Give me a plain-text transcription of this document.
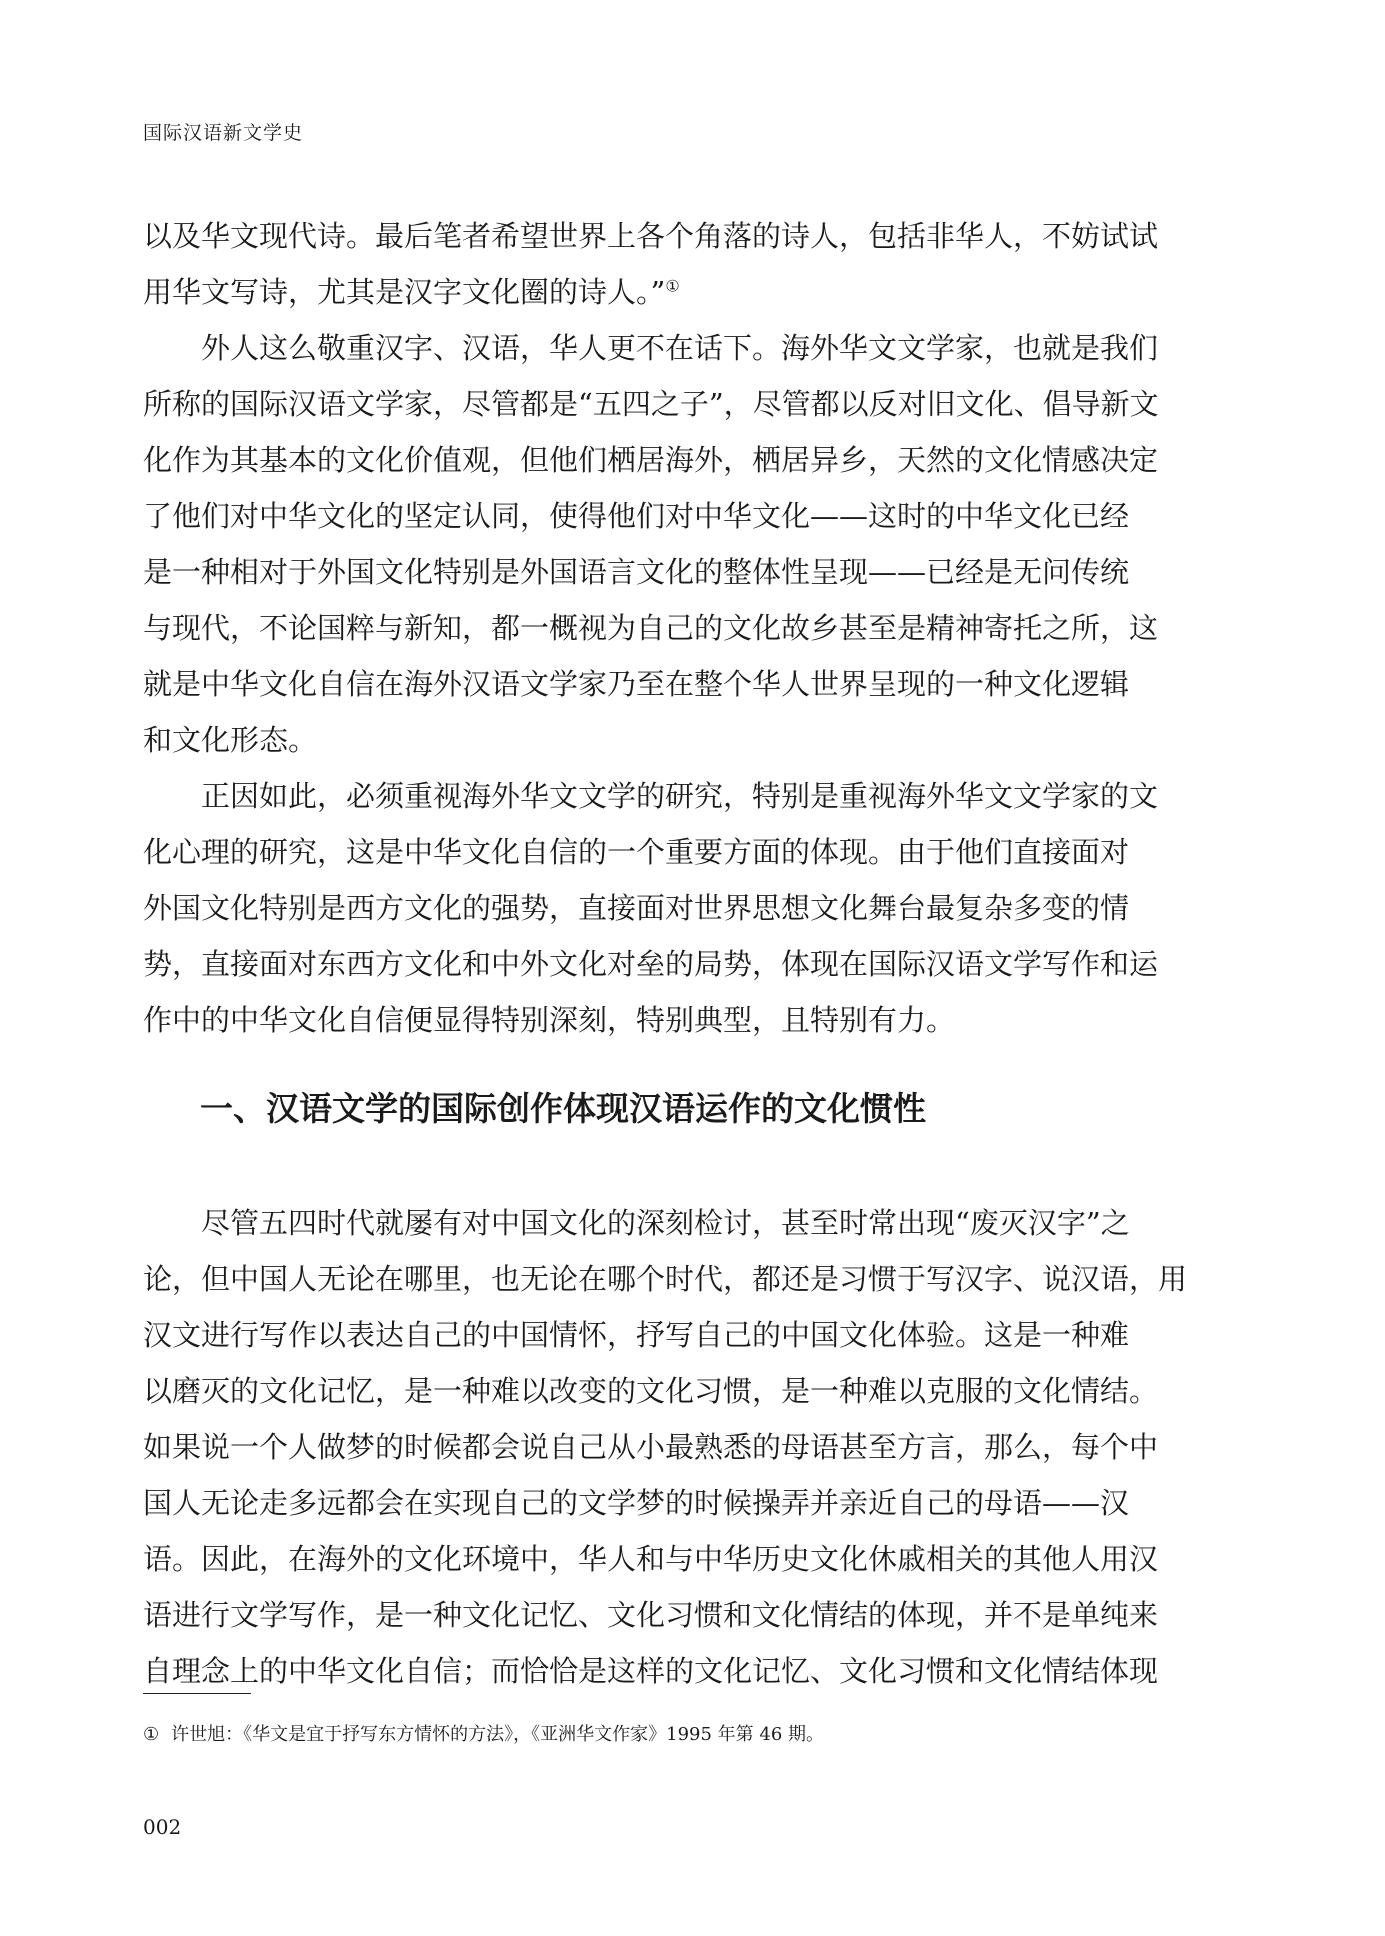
国际汉语新文学史
以及华文现代诗。最后笔者希望世界上各个角落的诗人，包括非华人，不妨试试
用华文写诗，尤其是汉字文化圈的诗人。”①
外人这么敬重汉字、汉语，华人更不在话下。海外华文文学家，也就是我们
所称的国际汉语文学家，尽管都是“五四之子”，尽管都以反对旧文化、倡导新文
化作为其基本的文化价值观，但他们栖居海外，栖居异乡，天然的文化情感决定
了他们对中华文化的坚定认同，使得他们对中华文化——这时的中华文化已经
是一种相对于外国文化特别是外国语言文化的整体性呈现——已经是无问传统
与现代，不论国粹与新知，都一概视为自己的文化故乡甚至是精神寄托之所，这
就是中华文化自信在海外汉语文学家乃至在整个华人世界呈现的一种文化逻辑
和文化形态。
正因如此，必须重视海外华文文学的研究，特别是重视海外华文文学家的文
化心理的研究，这是中华文化自信的一个重要方面的体现。由于他们直接面对
外国文化特别是西方文化的强势，直接面对世界思想文化舞台最复杂多变的情
势，直接面对东西方文化和中外文化对垒的局势，体现在国际汉语文学写作和运
作中的中华文化自信便显得特别深刻，特别典型，且特别有力。
一、汉语文学的国际创作体现汉语运作的文化惯性
尽管五四时代就屡有对中国文化的深刻检讨，甚至时常出现“废灭汉字”之
论，但中国人无论在哪里，也无论在哪个时代，都还是习惯于写汉字、说汉语，用
汉文进行写作以表达自己的中国情怀，抒写自己的中国文化体验。这是一种难
以磨灭的文化记忆，是一种难以改变的文化习惯，是一种难以克服的文化情结。
如果说一个人做梦的时候都会说自己从小最熟悉的母语甚至方言，那么，每个中
国人无论走多远都会在实现自己的文学梦的时候操弄并亲近自己的母语——汉
语。因此，在海外的文化环境中，华人和与中华历史文化休戚相关的其他人用汉
语进行文学写作，是一种文化记忆、文化习惯和文化情结的体现，并不是单纯来
自理念上的中华文化自信；而恰恰是这样的文化记忆、文化习惯和文化情结体现
① 许世旭：《华文是宜于抒写东方情怀的方法》，《亚洲华文作家》1995 年第 46 期。
002
